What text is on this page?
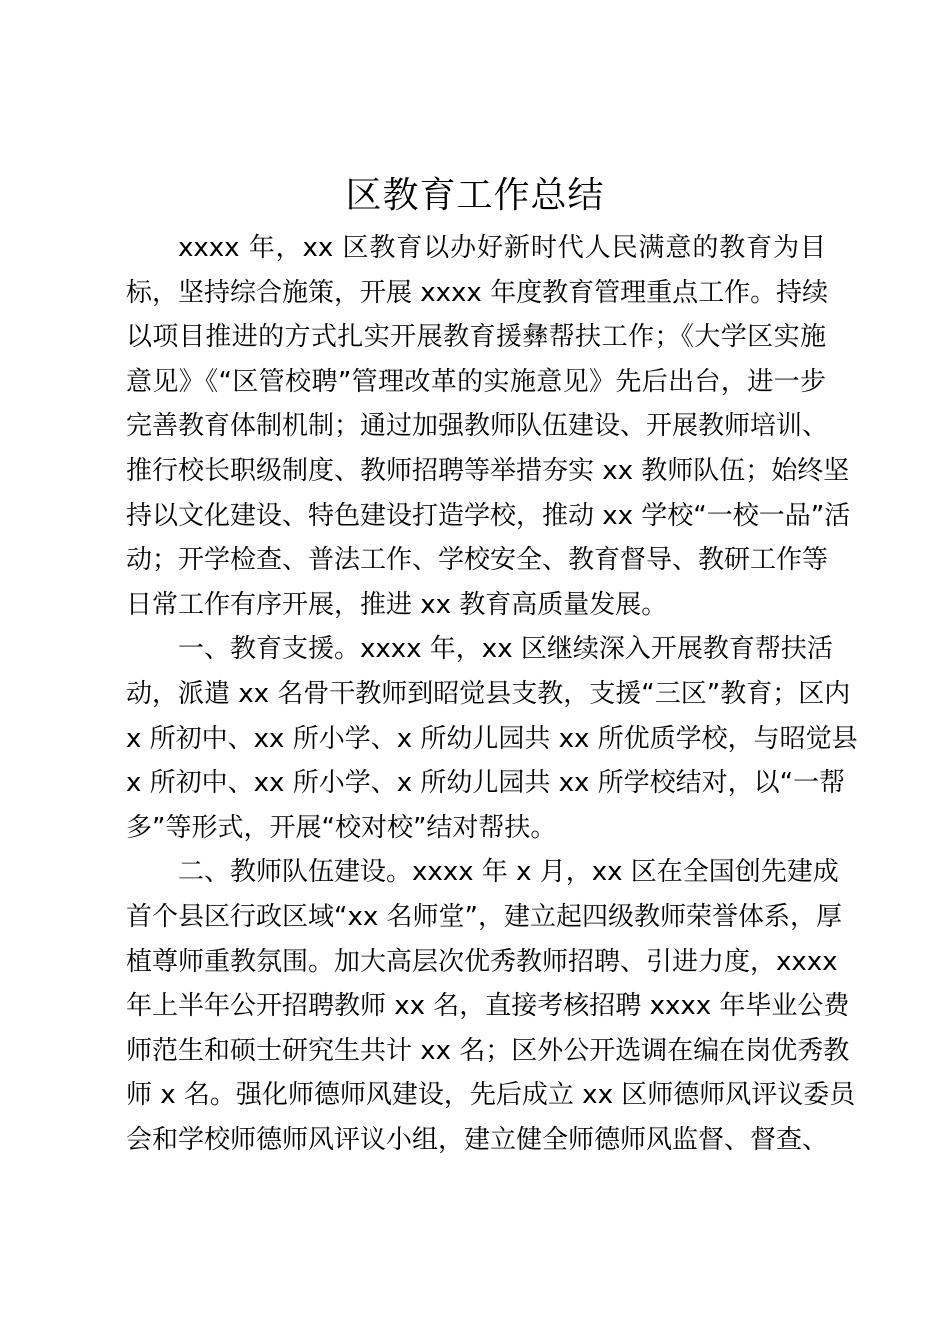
区教育工作总结
xxxx 年，xx 区教育以办好新时代人民满意的教育为目
标，坚持综合施策，开展 xxxx 年度教育管理重点工作。持续
以项目推进的方式扎实开展教育援彝帮扶工作；《大学区实施
意见》《“区管校聘”管理改革的实施意见》先后出台，进一步
完善教育体制机制；通过加强教师队伍建设、开展教师培训、
推行校长职级制度、教师招聘等举措夯实 xx 教师队伍；始终坚
持以文化建设、特色建设打造学校，推动 xx 学校“一校一品”活
动；开学检查、普法工作、学校安全、教育督导、教研工作等
日常工作有序开展，推进 xx 教育高质量发展。
一、教育支援。xxxx 年，xx 区继续深入开展教育帮扶活
动，派遣 xx 名骨干教师到昭觉县支教，支援“三区”教育；区内
x 所初中、xx 所小学、x 所幼儿园共 xx 所优质学校，与昭觉县
x 所初中、xx 所小学、x 所幼儿园共 xx 所学校结对，以“一帮
多”等形式，开展“校对校”结对帮扶。
二、教师队伍建设。xxxx 年 x 月，xx 区在全国创先建成
首个县区行政区域“xx 名师堂”，建立起四级教师荣誉体系，厚
植尊师重教氛围。加大高层次优秀教师招聘、引进力度，xxxx
年上半年公开招聘教师 xx 名，直接考核招聘 xxxx 年毕业公费
师范生和硕士研究生共计 xx 名；区外公开选调在编在岗优秀教
师 x 名。强化师德师风建设，先后成立 xx 区师德师风评议委员
会和学校师德师风评议小组，建立健全师德师风监督、督查、
